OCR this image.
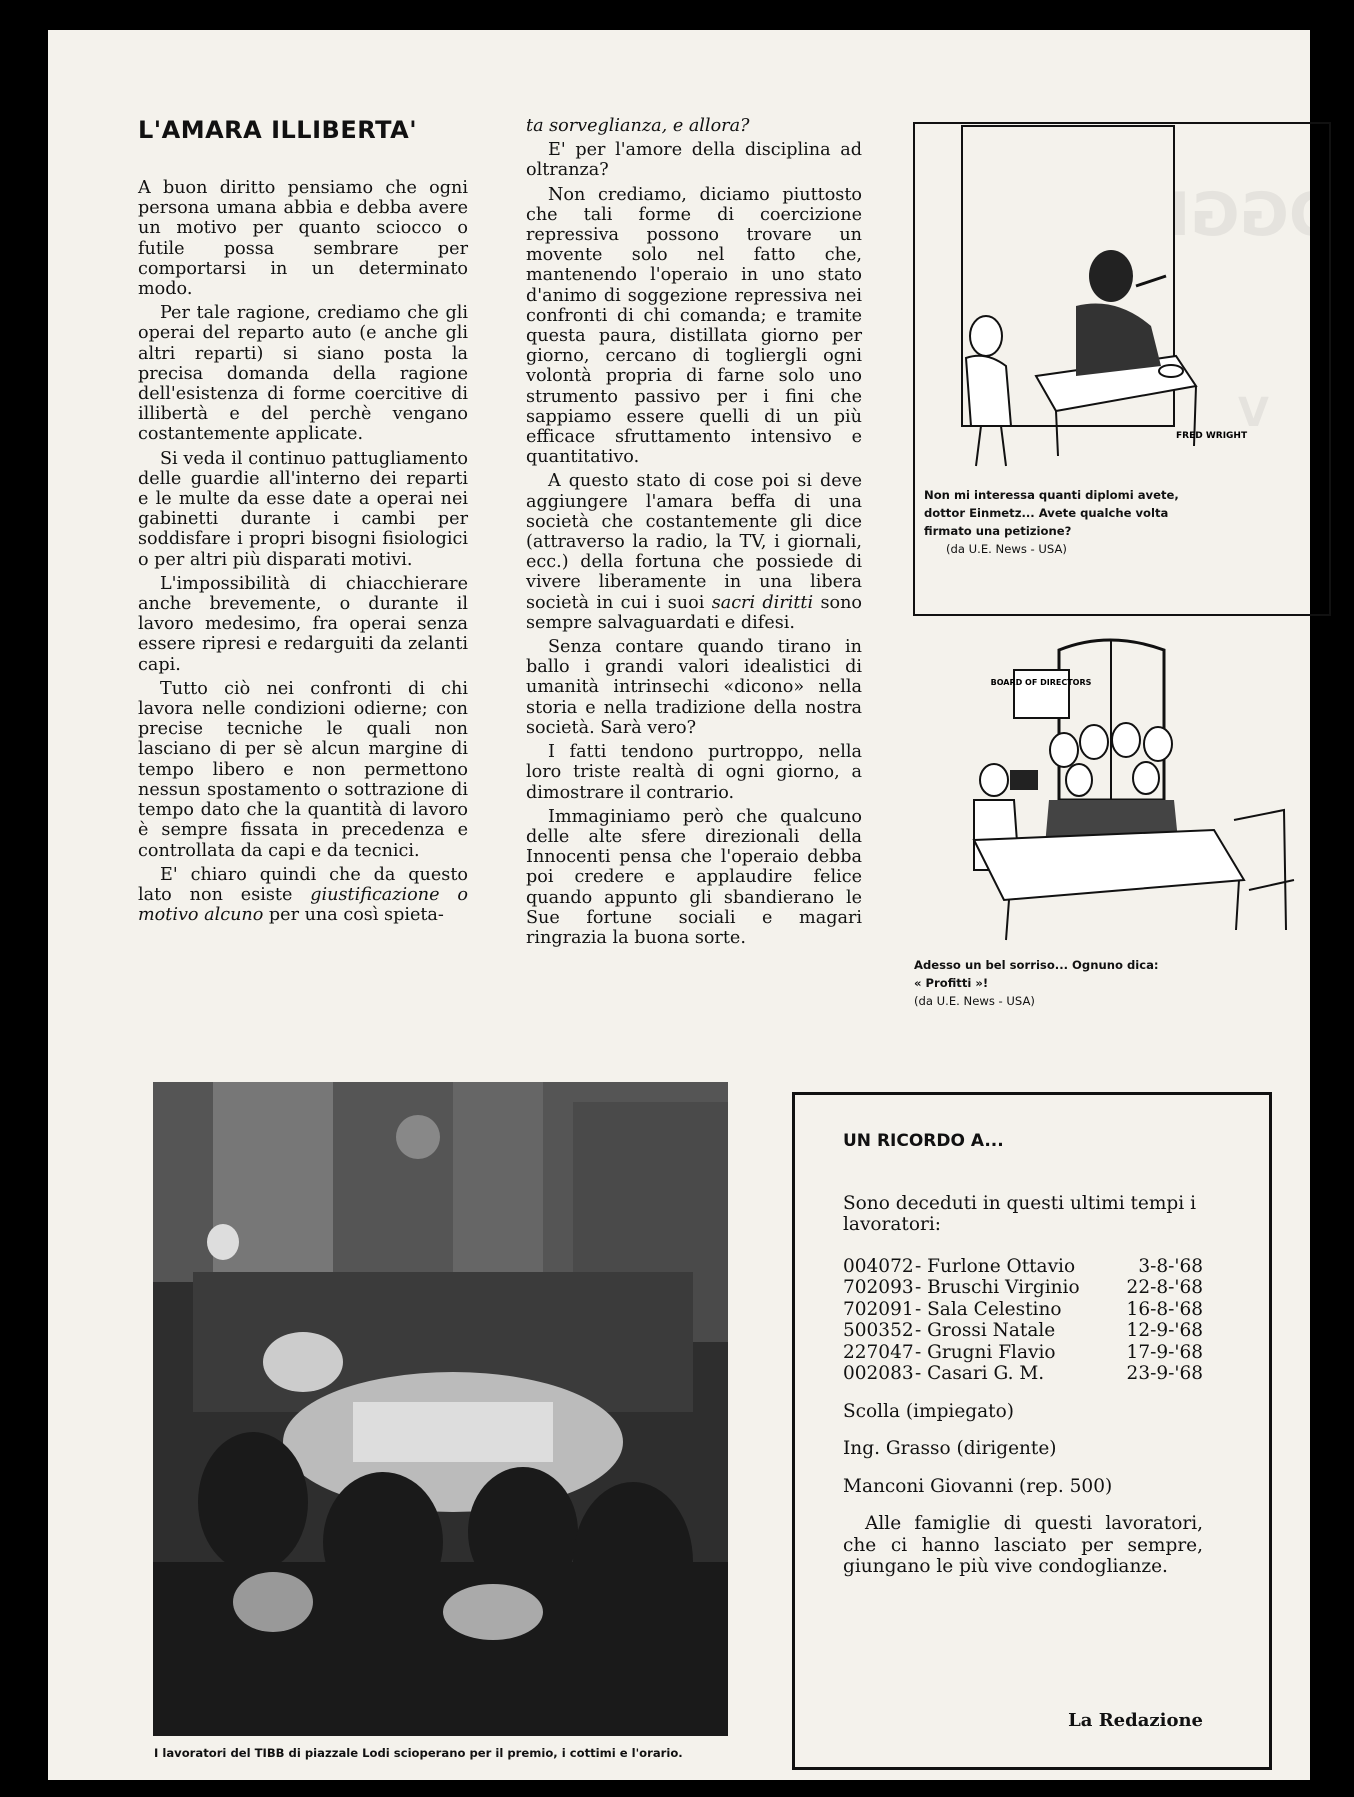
OGGI
V
L'AMARA ILLIBERTA'

A buon diritto pensiamo che ogni persona umana abbia e debba avere un motivo per quanto sciocco o futile possa sembrare per comportarsi in un determinato modo.

Per tale ragione, crediamo che gli operai del reparto auto (e anche gli altri reparti) si siano posta la precisa domanda della ragione dell'esistenza di forme coercitive di illibertà e del perchè vengano costantemente applicate.

Si veda il continuo pattugliamento delle guardie all'interno dei reparti e le multe da esse date a operai nei gabinetti durante i cambi per soddisfare i propri bisogni fisiologici o per altri più disparati motivi.

L'impossibilità di chiacchierare anche brevemente, o durante il lavoro medesimo, fra operai senza essere ripresi e redarguiti da zelanti capi.

Tutto ciò nei confronti di chi lavora nelle condizioni odierne; con precise tecniche le quali non lasciano di per sè alcun margine di tempo libero e non permettono nessun spostamento o sottrazione di tempo dato che la quantità di lavoro è sempre fissata in precedenza e controllata da capi e da tecnici.

E' chiaro quindi che da questo lato non esiste giustificazione o motivo alcuno per una così spieta-

ta sorveglianza, e allora?

E' per l'amore della disciplina ad oltranza?

Non crediamo, diciamo piuttosto che tali forme di coercizione repressiva possono trovare un movente solo nel fatto che, mantenendo l'operaio in uno stato d'animo di soggezione repressiva nei confronti di chi comanda; e tramite questa paura, distillata giorno per giorno, cercano di togliergli ogni volontà propria di farne solo uno strumento passivo per i fini che sappiamo essere quelli di un più efficace sfruttamento intensivo e quantitativo.

A questo stato di cose poi si deve aggiungere l'amara beffa di una società che costantemente gli dice (attraverso la radio, la TV, i giornali, ecc.) della fortuna che possiede di vivere liberamente in una libera società in cui i suoi sacri diritti sono sempre salvaguardati e difesi.

Senza contare quando tirano in ballo i grandi valori idealistici di umanità intrinsechi «dicono» nella storia e nella tradizione della nostra società. Sarà vero?

I fatti tendono purtroppo, nella loro triste realtà di ogni giorno, a dimostrare il contrario.

Immaginiamo però che qualcuno delle alte sfere direzionali della Innocenti pensa che l'operaio debba poi credere e applaudire felice quando appunto gli sbandierano le Sue fortune sociali e magari ringrazia la buona sorte.

FRED WRIGHT
Non mi interessa quanti diplomi avete, dottor Einmetz... Avete qualche volta firmato una petizione?
(da U.E. News - USA)
BOARD OF DIRECTORS
Adesso un bel sorriso... Ognuno dica: « Profitti »!
(da U.E. News - USA)
I lavoratori del TIBB di piazzale Lodi scioperano per il premio, i cottimi e l'orario.
UN RICORDO A...

Sono deceduti in questi ultimi tempi i lavoratori:

004072 - Furlone Ottavio	3-8-'68
702093 - Bruschi Virginio	22-8-'68
702091 - Sala Celestino	16-8-'68
500352 - Grossi Natale	12-9-'68
227047 - Grugni Flavio	17-9-'68
002083 - Casari G. M.	23-9-'68
Scolla (impiegato)
Ing. Grasso (dirigente)
Manconi Giovanni (rep. 500)

Alle famiglie di questi lavoratori, che ci hanno lasciato per sempre, giungano le più vive condoglianze.

La Redazione
